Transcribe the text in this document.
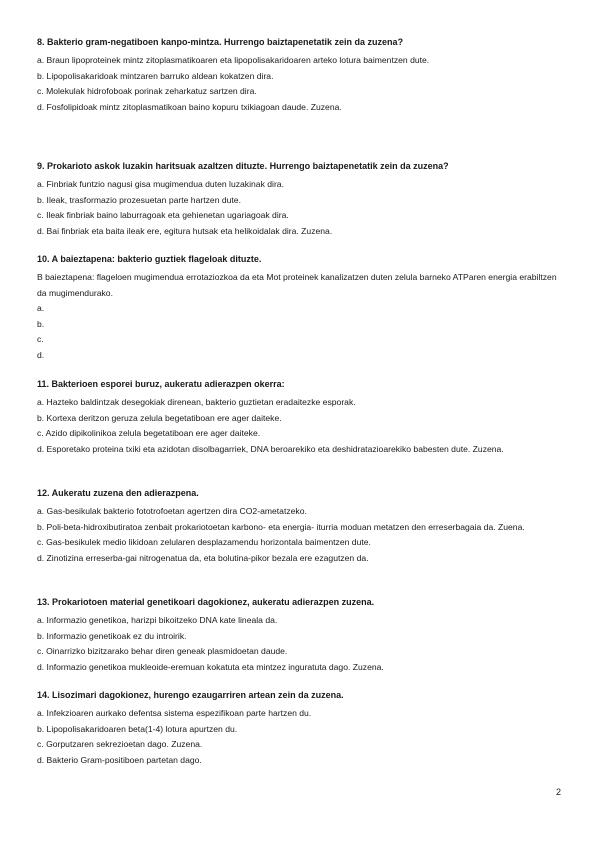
8. Bakterio gram-negatiboen kanpo-mintza. Hurrengo baiztapenetatik zein da zuzena?

a. Braun lipoproteinek mintz zitoplasmatikoaren eta lipopolisakaridoaren arteko lotura baimentzen dute.

b. Lipopolisakaridoak mintzaren barruko aldean kokatzen dira.

c. Molekulak hidrofoboak porinak zeharkatuz sartzen dira.

d. Fosfolipidoak mintz zitoplasmatikoan baino kopuru txikiagoan daude. Zuzena.

9. Prokarioto askok luzakin haritsuak azaltzen dituzte. Hurrengo baiztapenetatik zein da zuzena?

a. Finbriak funtzio nagusi gisa mugimendua duten luzakinak dira.

b. Ileak, trasformazio prozesuetan parte hartzen dute.

c. Ileak finbriak baino laburragoak eta gehienetan ugariagoak dira.

d. Bai finbriak eta baita ileak ere, egitura hutsak eta helikoidalak dira. Zuzena.

10. A baieztapena: bakterio guztiek flageloak dituzte.

B baieztapena: flageloen mugimendua errotaziozkoa da eta Mot proteinek kanalizatzen duten zelula barneko ATParen energia erabiltzen da mugimendurako.

a.

b.

c.

d.

11. Bakterioen esporei buruz, aukeratu adierazpen okerra:

a. Hazteko baldintzak desegokiak direnean, bakterio guztietan eradaitezke esporak.

b. Kortexa deritzon geruza zelula begetatiboan ere ager daiteke.

c. Azido dipikolinikoa zelula begetatiboan ere ager daiteke.

d. Esporetako proteina txiki eta azidotan disolbagarriek, DNA beroarekiko eta deshidratazioarekiko babesten dute. Zuzena.

12. Aukeratu zuzena den adierazpena.

a. Gas-besikulak bakterio fototrofoetan agertzen dira CO2-ametatzeko.

b. Poli-beta-hidroxibutiratoa zenbait prokariotoetan karbono- eta energia- iturria moduan metatzen den erreserbagaia da. Zuena.

c. Gas-besikulek medio likidoan zelularen desplazamendu horizontala baimentzen dute.

d. Zinotizina erreserba-gai nitrogenatua da, eta bolutina-pikor bezala ere ezagutzen da.

13. Prokariotoen material genetikoari dagokionez, aukeratu adierazpen zuzena.

a. Informazio genetikoa, harizpi bikoitzeko DNA kate lineala da.

b. Informazio genetikoak ez du introirik.

c. Oinarrizko bizitzarako behar diren geneak plasmidoetan daude.

d. Informazio genetikoa mukleoide-eremuan kokatuta eta mintzez inguratuta dago. Zuzena.

14. Lisozimari dagokionez, hurengo ezaugarriren artean zein da zuzena.

a. Infekzioaren aurkako defentsa sistema espezifikoan parte hartzen du.

b. Lipopolisakaridoaren beta(1-4) lotura apurtzen du.

c. Gorputzaren sekrezioetan dago. Zuzena.

d. Bakterio Gram-positiboen partetan dago.

2
